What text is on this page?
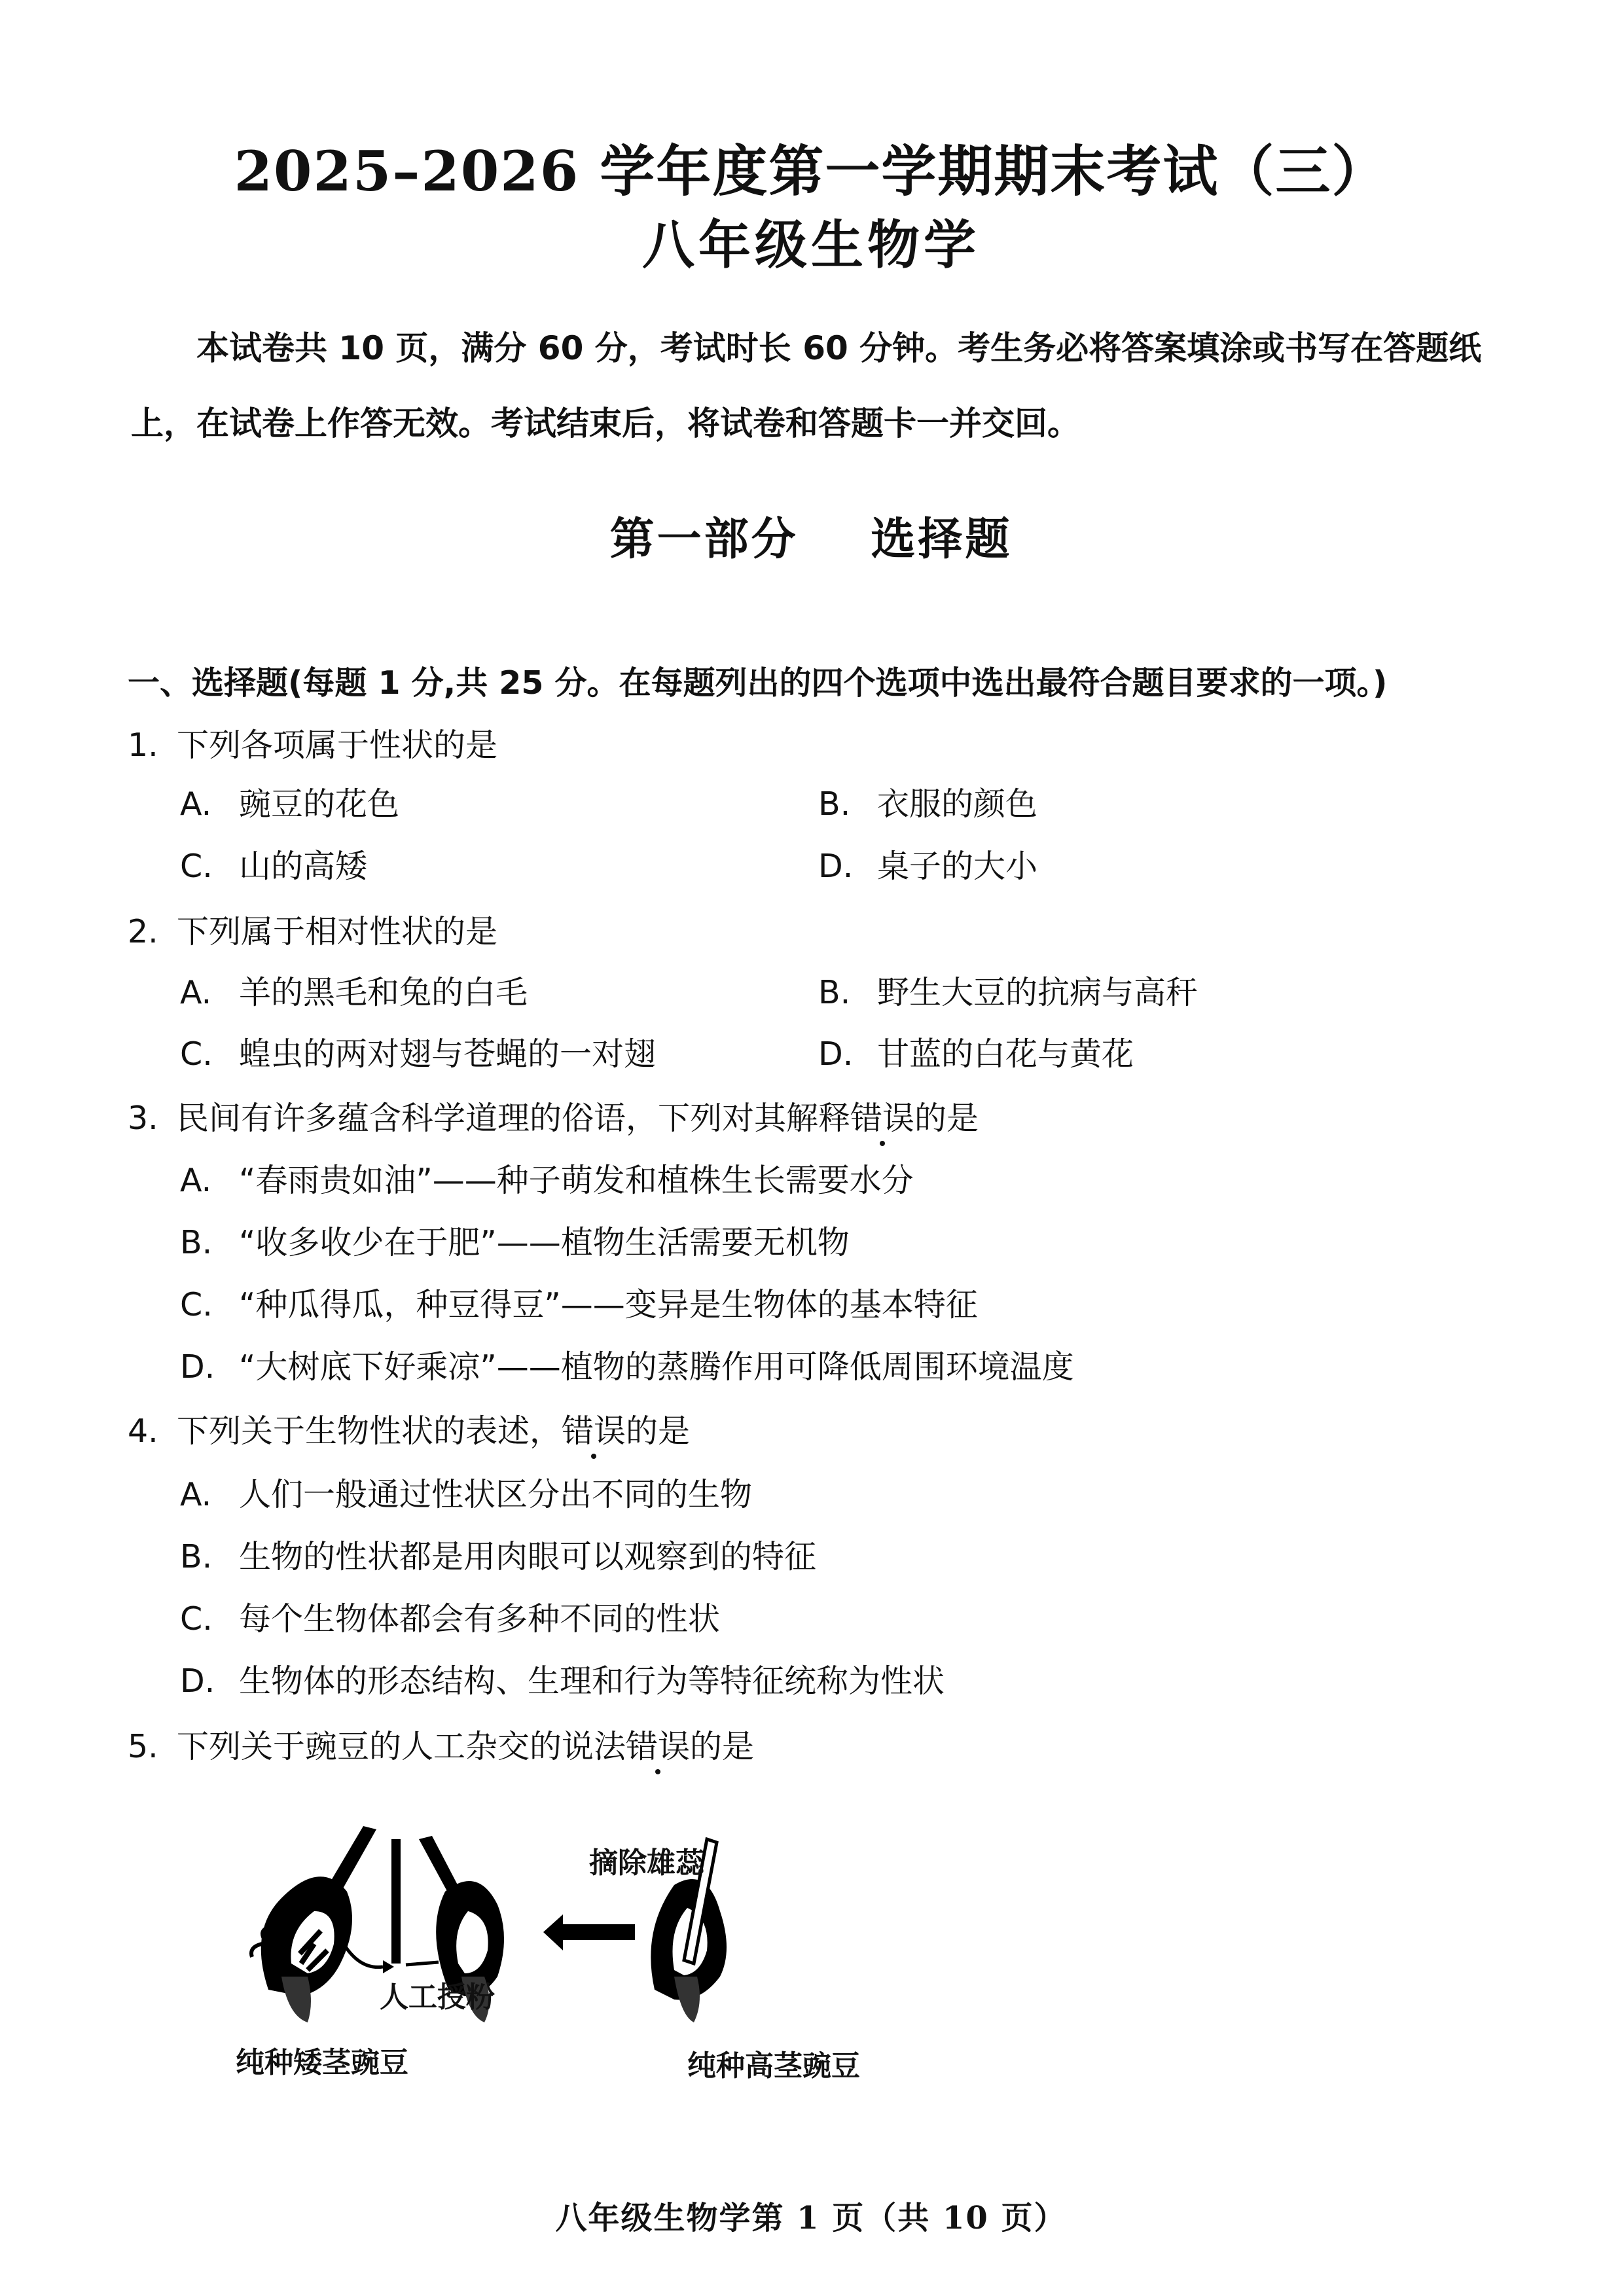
2025–2026 学年度第一学期期末考试（三）
八年级生物学
本试卷共 10 页，满分 60 分，考试时长 60 分钟。考生务必将答案填涂或书写在答题纸上，在试卷上作答无效。考试结束后，将试卷和答题卡一并交回。
第一部分    选择题
一、选择题(每题 1 分,共 25 分。在每题列出的四个选项中选出最符合题目要求的一项。)
1. 下列各项属于性状的是
A. 豌豆的花色	B. 衣服的颜色
C. 山的高矮	D. 桌子的大小
2. 下列属于相对性状的是
A. 羊的黑毛和兔的白毛	B. 野生大豆的抗病与高秆
C. 蝗虫的两对翅与苍蝇的一对翅	D. 甘蓝的白花与黄花
3. 民间有许多蕴含科学道理的俗语，下列对其解释错误的是
A. “春雨贵如油”——种子萌发和植株生长需要水分
B. “收多收少在于肥”——植物生活需要无机物
C. “种瓜得瓜，种豆得豆”——变异是生物体的基本特征
D. “大树底下好乘凉”——植物的蒸腾作用可降低周围环境温度
4. 下列关于生物性状的表述，错误的是
A. 人们一般通过性状区分出不同的生物
B. 生物的性状都是用肉眼可以观察到的特征
C. 每个生物体都会有多种不同的性状
D. 生物体的形态结构、生理和行为等特征统称为性状
5. 下列关于豌豆的人工杂交的说法错误的是
摘除雄蕊
人工授粉
纯种矮茎豌豆	纯种高茎豌豆
八年级生物学第 1 页（共 10 页）
